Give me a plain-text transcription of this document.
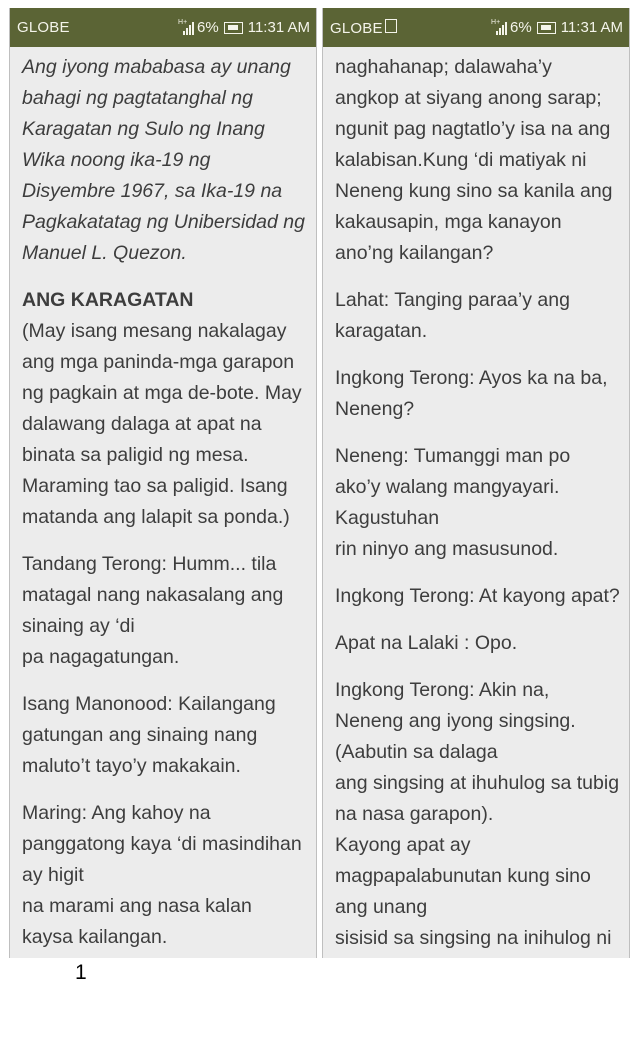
GLOBE	H+ 6% 11:31 AM

Ang iyong mababasa ay unang bahagi ng pagtatanghal ng Karagatan ng Sulo ng Inang Wika noong ika-19 ng Disyembre 1967, sa Ika-19 na Pagkakatatag ng Unibersidad ng Manuel L. Quezon.

ANG KARAGATAN

(May isang mesang nakalagay ang mga paninda-mga garapon ng pagkain at mga de-bote. May dalawang dalaga at apat na binata sa paligid ng mesa. Maraming tao sa paligid. Isang matanda ang lalapit sa ponda.)

Tandang Terong: Humm... tila matagal nang nakasalang ang sinaing ay ‘di
pa nagagatungan.

Isang Manonood: Kailangang gatungan ang sinaing nang maluto’t tayo’y makakain.

Maring: Ang kahoy na panggatong kaya ‘di masindihan ay higit
na marami ang nasa kalan kaysa kailangan.

GLOBE	H+ 6% 11:31 AM

naghahanap; dalawaha’y angkop at siyang anong sarap; ngunit pag nagtatlo’y isa na ang kalabisan.Kung ‘di matiyak ni Neneng kung sino sa kanila ang kakausapin, mga kanayon ano’ng kailangan?

Lahat: Tanging paraa’y ang karagatan.

Ingkong Terong: Ayos ka na ba, Neneng?

Neneng: Tumanggi man po ako’y walang mangyayari. Kagustuhan
rin ninyo ang masusunod.

Ingkong Terong: At kayong apat?

Apat na Lalaki : Opo.

Ingkong Terong: Akin na, Neneng ang iyong singsing. (Aabutin sa dalaga
ang singsing at ihuhulog sa tubig na nasa garapon).
Kayong apat ay magpapalabunutan kung sino ang unang
sisisid sa singsing na inihulog ni

1
